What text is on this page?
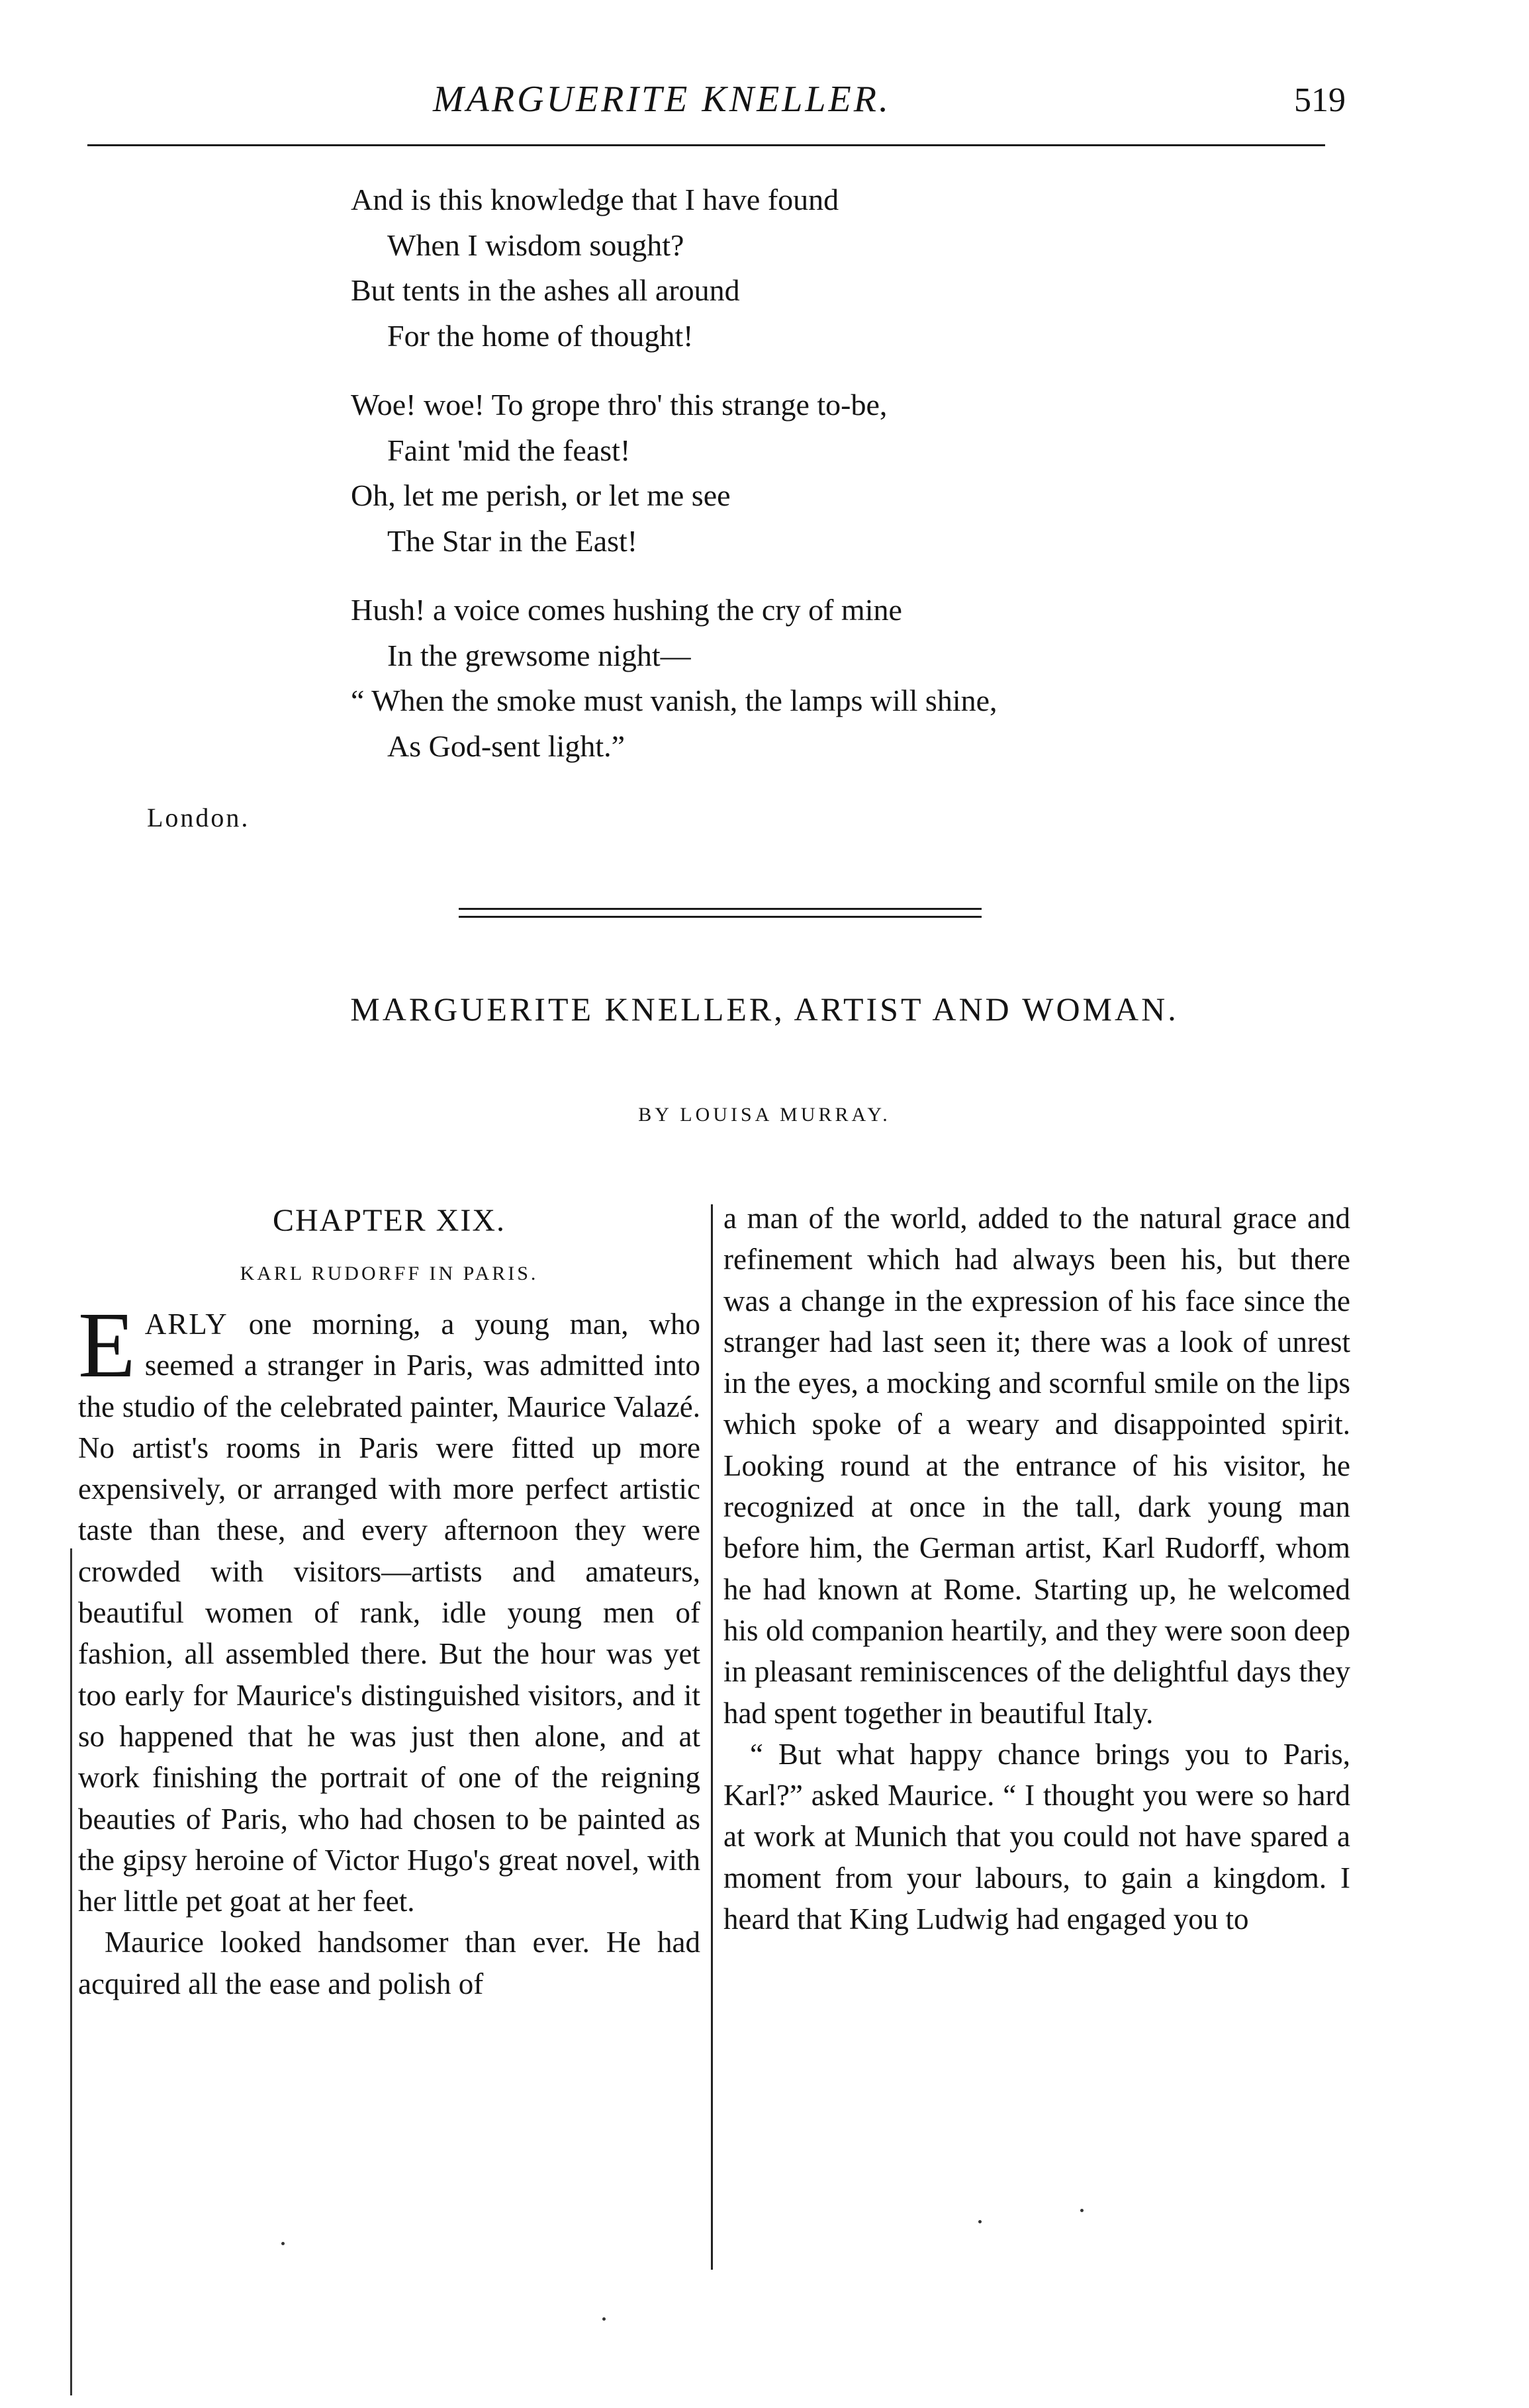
MARGUERITE KNELLER.	519
And is this knowledge that I have found
When I wisdom sought?
But tents in the ashes all around
For the home of thought!
Woe! woe! To grope thro' this strange to-be,
Faint 'mid the feast!
Oh, let me perish, or let me see
The Star in the East!
Hush! a voice comes hushing the cry of mine
In the grewsome night—
“ When the smoke must vanish, the lamps will shine,
As God-sent light.”
London.
MARGUERITE KNELLER, ARTIST AND WOMAN.
BY LOUISA MURRAY.
CHAPTER XIX.
KARL RUDORFF IN PARIS.

EARLY one morning, a young man, who seemed a stranger in Paris, was admitted into the studio of the celebrated painter, Maurice Valazé. No artist's rooms in Paris were fitted up more expensively, or arranged with more perfect artistic taste than these, and every afternoon they were crowded with visitors—artists and amateurs, beautiful women of rank, idle young men of fashion, all assembled there. But the hour was yet too early for Maurice's distinguished visitors, and it so happened that he was just then alone, and at work finishing the portrait of one of the reigning beauties of Paris, who had chosen to be painted as the gipsy heroine of Victor Hugo's great novel, with her little pet goat at her feet.

Maurice looked handsomer than ever. He had acquired all the ease and polish of

a man of the world, added to the natural grace and refinement which had always been his, but there was a change in the expression of his face since the stranger had last seen it; there was a look of unrest in the eyes, a mocking and scornful smile on the lips which spoke of a weary and disappointed spirit. Looking round at the entrance of his visitor, he recognized at once in the tall, dark young man before him, the German artist, Karl Rudorff, whom he had known at Rome. Starting up, he welcomed his old companion heartily, and they were soon deep in pleasant reminiscences of the delightful days they had spent together in beautiful Italy.

“ But what happy chance brings you to Paris, Karl?” asked Maurice. “ I thought you were so hard at work at Munich that you could not have spared a moment from your labours, to gain a kingdom. I heard that King Ludwig had engaged you to
